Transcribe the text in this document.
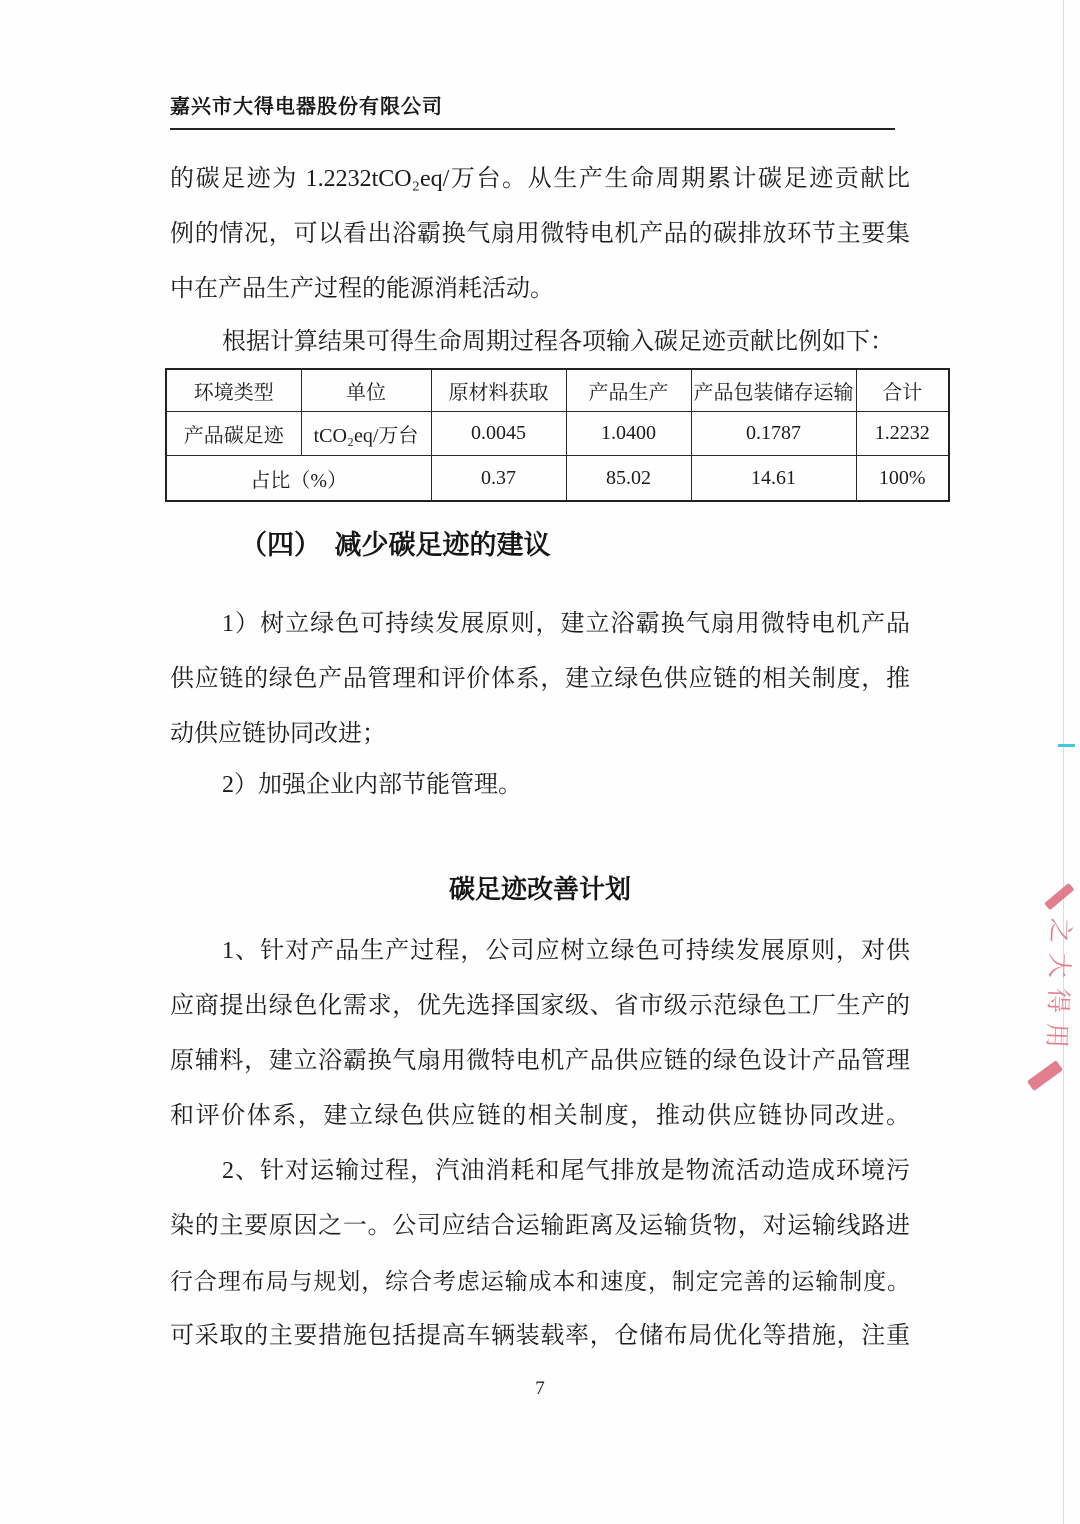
嘉兴市大得电器股份有限公司
的碳足迹为 1.2232tCO₂eq/万台。从生产生命周期累计碳足迹贡献比
例的情况，可以看出浴霸换气扇用微特电机产品的碳排放环节主要集
中在产品生产过程的能源消耗活动。
根据计算结果可得生命周期过程各项输入碳足迹贡献比例如下：
环境类型	单位	原材料获取	产品生产	产品包装储存运输	合计
产品碳足迹	tCO₂eq/万台	0.0045	1.0400	0.1787	1.2232
占比（%）		0.37	85.02	14.61	100%
（四）　减少碳足迹的建议
1）树立绿色可持续发展原则，建立浴霸换气扇用微特电机产品
供应链的绿色产品管理和评价体系，建立绿色供应链的相关制度，推
动供应链协同改进；
2）加强企业内部节能管理。
碳足迹改善计划
1、针对产品生产过程，公司应树立绿色可持续发展原则，对供
应商提出绿色化需求，优先选择国家级、省市级示范绿色工厂生产的
原辅料，建立浴霸换气扇用微特电机产品供应链的绿色设计产品管理
和评价体系，建立绿色供应链的相关制度，推动供应链协同改进。
2、针对运输过程，汽油消耗和尾气排放是物流活动造成环境污
染的主要原因之一。公司应结合运输距离及运输货物，对运输线路进
行合理布局与规划，综合考虑运输成本和速度，制定完善的运输制度。
可采取的主要措施包括提高车辆装载率，仓储布局优化等措施，注重
7
之大得用
